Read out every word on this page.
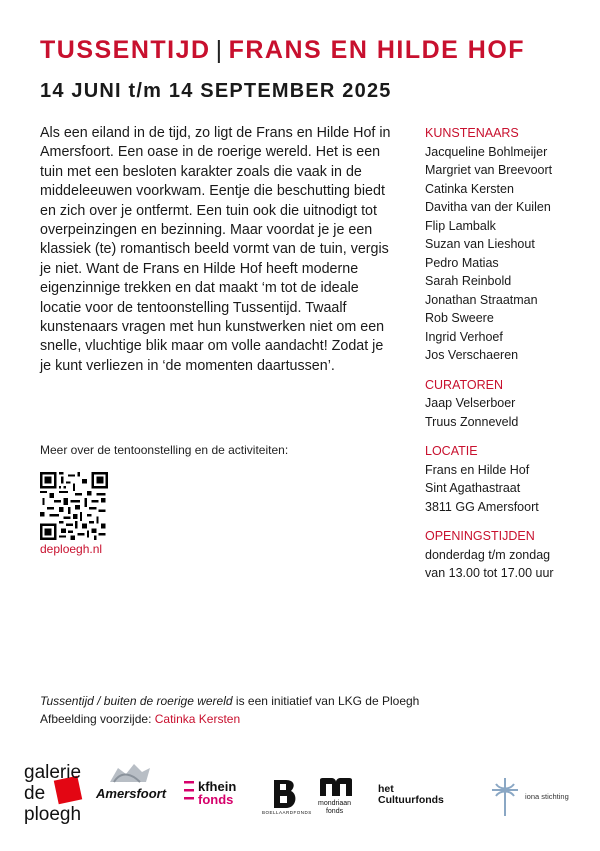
TUSSENTIJD | FRANS EN HILDE HOF
14 JUNI t/m 14 SEPTEMBER 2025
Als een eiland in de tijd, zo ligt de Frans en Hilde Hof in Amersfoort. Een oase in de roerige wereld. Het is een tuin met een besloten karakter zoals die vaak in de middeleeuwen voorkwam. Eentje die beschutting biedt en zich over je ontfermt. Een tuin ook die uitnodigt tot overpeinzingen en bezinning. Maar voordat je je een klassiek (te) romantisch beeld vormt van de tuin, vergis je niet. Want de Frans en Hilde Hof heeft moderne eigenzinnige trekken en dat maakt ‘m tot de ideale locatie voor de tentoonstelling Tussentijd. Twaalf kunstenaars vragen met hun kunstwerken niet om een snelle, vluchtige blik maar om volle aandacht! Zodat je je kunt verliezen in ‘de momenten daartussen’.
Meer over de tentoonstelling en de activiteiten:
deploegh.nl
KUNSTENAARS
Jacqueline Bohlmeijer
Margriet van Breevoort
Catinka Kersten
Davitha van der Kuilen
Flip Lambalk
Suzan van Lieshout
Pedro Matias
Sarah Reinbold
Jonathan Straatman
Rob Sweere
Ingrid Verhoef
Jos Verschaeren
CURATOREN
Jaap Velserboer
Truus Zonneveld
LOCATIE
Frans en Hilde Hof
Sint Agathastraat
3811 GG Amersfoort
OPENINGSTIJDEN
donderdag t/m zondag
van 13.00 tot 17.00 uur
Tussentijd / buiten de roerige wereld is een initiatief van LKG de Ploegh
Afbeelding voorzijde: Catinka Kersten
galerie
de
ploegh
Amersfoort kfhein
fonds
BOELLAARDFONDS
mondriaan
fonds
het
Cultuurfonds	iona stichting
